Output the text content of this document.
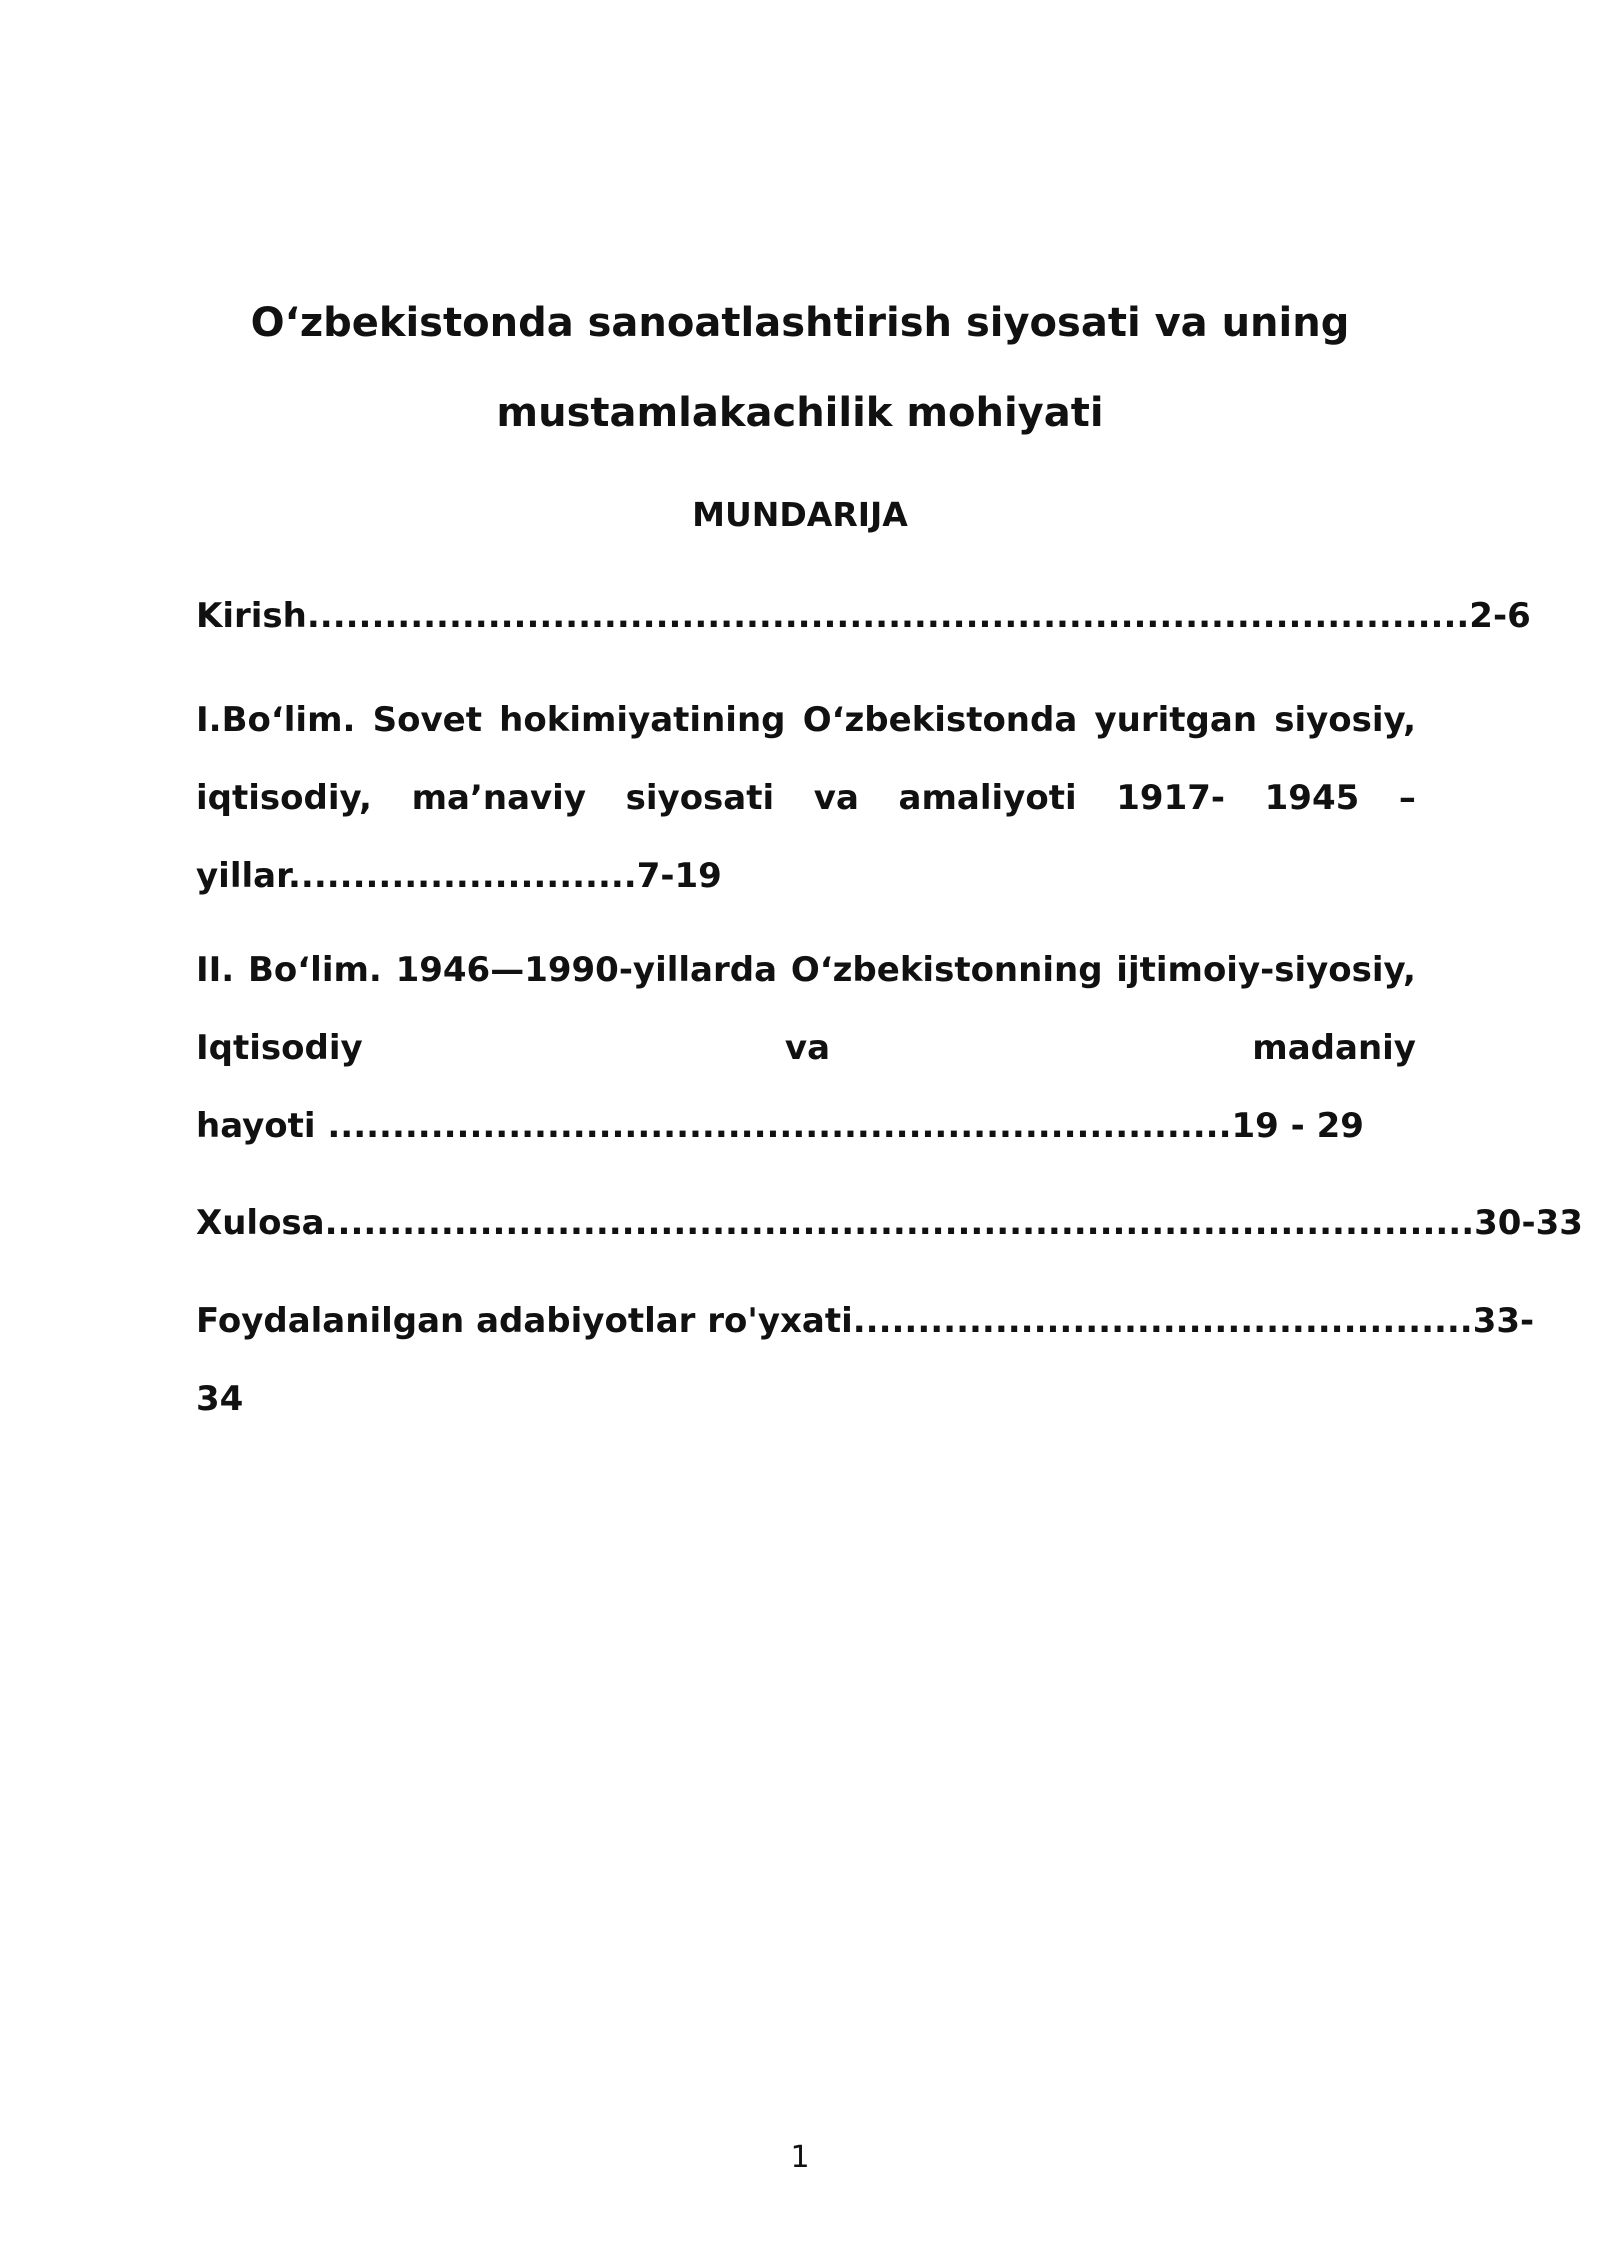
O‘zbekistonda sanoatlashtirish siyosati va uning
mustamlakachilik mohiyati
MUNDARIJA
Kirish..........................................................................................2-6
I.Bo‘lim. Sovet hokimiyatining O‘zbekistonda yuritgan siyosiy,
iqtisodiy, ma’naviy siyosati va amaliyoti 1917- 1945 –
yillar...........................7-19
II. Bo‘lim. 1946—1990-yillarda O‘zbekistonning ijtimoiy-siyosiy,
Iqtisodiy	va	madaniy
hayoti ......................................................................19 - 29
Xulosa.........................................................................................30-33
Foydalanilgan adabiyotlar ro'yxati................................................33-
34
1
